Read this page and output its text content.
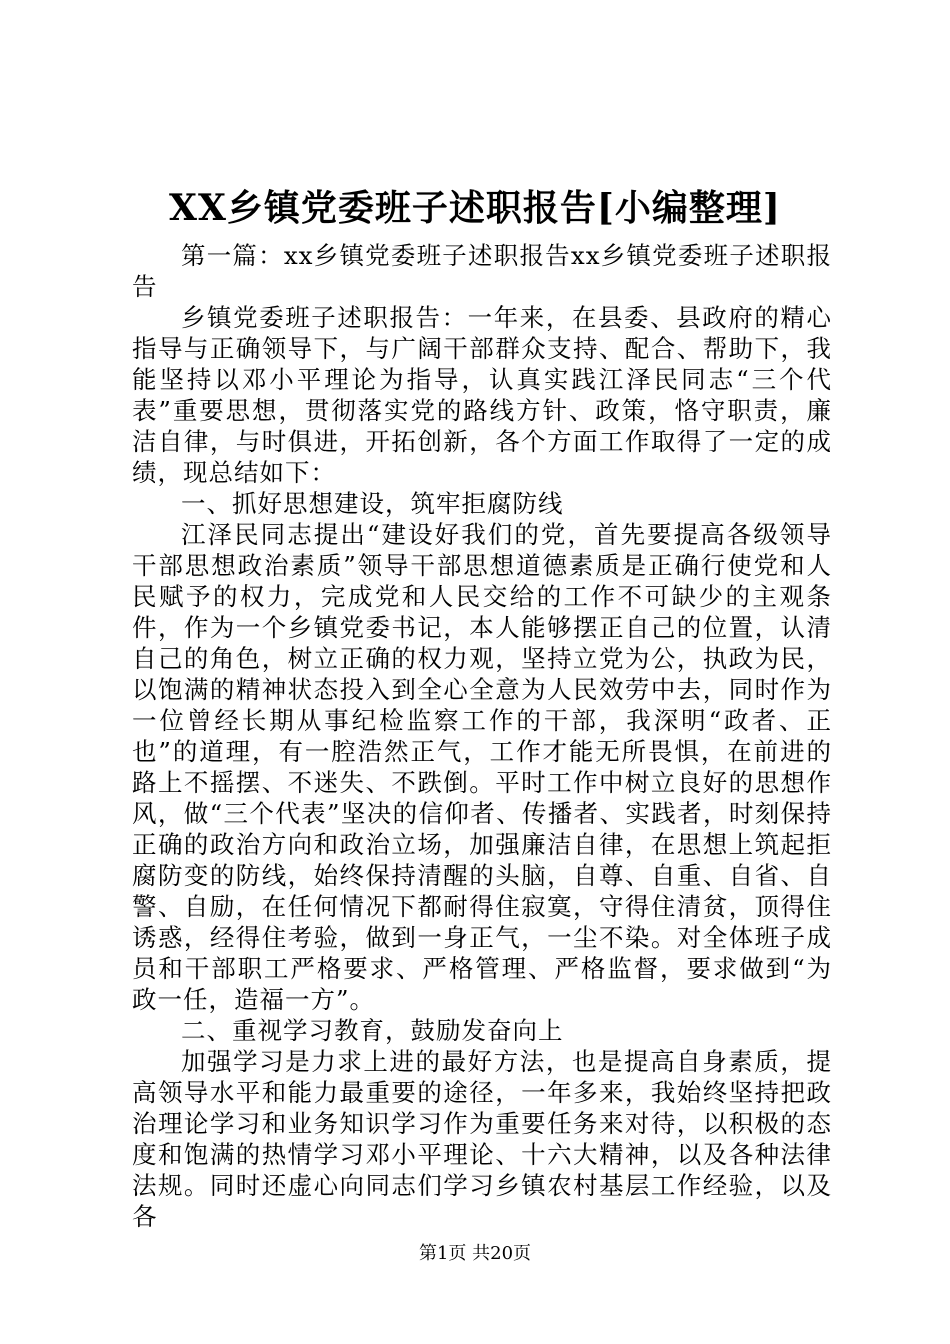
XX乡镇党委班子述职报告[小编整理]

第一篇：xx乡镇党委班子述职报告xx乡镇党委班子述职报告

乡镇党委班子述职报告：一年来，在县委、县政府的精心指导与正确领导下，与广阔干部群众支持、配合、帮助下，我能坚持以邓小平理论为指导，认真实践江泽民同志“三个代表”重要思想，贯彻落实党的路线方针、政策，恪守职责，廉洁自律，与时俱进，开拓创新，各个方面工作取得了一定的成绩，现总结如下：

一、抓好思想建设，筑牢拒腐防线

江泽民同志提出“建设好我们的党，首先要提高各级领导干部思想政治素质”领导干部思想道德素质是正确行使党和人民赋予的权力，完成党和人民交给的工作不可缺少的主观条件，作为一个乡镇党委书记，本人能够摆正自己的位置，认清自己的角色，树立正确的权力观，坚持立党为公，执政为民，以饱满的精神状态投入到全心全意为人民效劳中去，同时作为一位曾经长期从事纪检监察工作的干部，我深明“政者、正也”的道理，有一腔浩然正气，工作才能无所畏惧，在前进的路上不摇摆、不迷失、不跌倒。平时工作中树立良好的思想作风，做“三个代表”坚决的信仰者、传播者、实践者，时刻保持正确的政治方向和政治立场，加强廉洁自律，在思想上筑起拒腐防变的防线，始终保持清醒的头脑，自尊、自重、自省、自警、自励，在任何情况下都耐得住寂寞，守得住清贫，顶得住诱惑，经得住考验，做到一身正气，一尘不染。对全体班子成员和干部职工严格要求、严格管理、严格监督，要求做到“为政一任，造福一方”。

二、重视学习教育，鼓励发奋向上

加强学习是力求上进的最好方法，也是提高自身素质，提高领导水平和能力最重要的途径，一年多来，我始终坚持把政治理论学习和业务知识学习作为重要任务来对待，以积极的态度和饱满的热情学习邓小平理论、十六大精神，以及各种法律法规。同时还虚心向同志们学习乡镇农村基层工作经验，以及各

第1页 共20页
